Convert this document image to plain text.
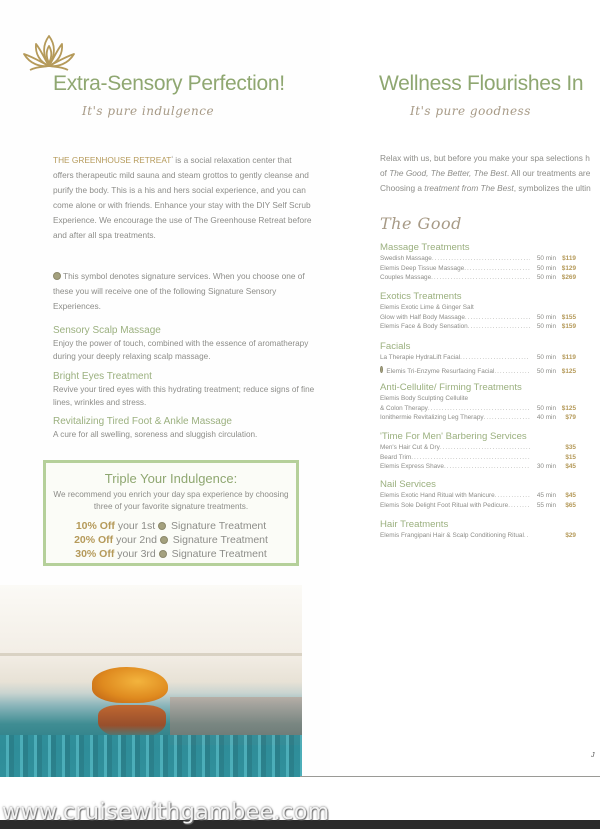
Extra-Sensory Perfection!
It's pure indulgence
THE GREENHOUSE $RETREAT^{^1}$ is a social relaxation center that offers therapeutic mild sauna and steam grottos to gently cleanse and purify the body. This is a his and hers social experience, and you can come alone or with friends. Enhance your stay with the DIY Self Scrub Experience. We encourage the use of The Greenhouse Retreat before and after all spa treatments.
This symbol denotes signature services. When you choose one of these you will receive one of the following Signature Sensory Experiences.
Sensory Scalp Massage
Enjoy the power of touch, combined with the essence of aromatherapy during your deeply relaxing scalp massage.
Bright Eyes Treatment
Revive your tired eyes with this hydrating treatment; reduce signs of fine lines, wrinkles and stress.
Revitalizing Tired Foot & Ankle Massage
A cure for all swelling, soreness and sluggish circulation.
Triple Your Indulgence:
We recommend you enrich your day spa experience by choosing three of your favorite signature treatments.
10% Off your 1st  Signature Treatment
20% Off your 2nd  Signature Treatment
30% Off your 3rd  Signature Treatment
Wellness Flourishes In
It's pure goodness
Relax with us, but before you make your spa selections h
of The Good, The Better, The Best. All our treatments are
Choosing a treatment from The Best, symbolizes the ultin
The Good
Massage Treatments
Swedish Massage .....	50 min $119
Elemis Deep Tissue Massage .....	50 min $129
Couples Massage .....	50 min $269
Exotics Treatments
Elemis Exotic Lime & Ginger Salt
Glow with Half Body Massage .....	50 min $155
Elemis Face & Body Sensation .....	50 min $159
Facials
La Therapie HydraLift Facial .....	50 min $119

Elemis Tri-Enzyme Resurfacing Facial .....	50 min $125
Anti-Cellulite/ Firming Treatments
Elemis Body Sculpting Cellulite
& Colon Therapy .....	50 min $125
Ionithermie Revitalizing Leg Therapy .....	40 min	$79
'Time For Men' Barbering Services
Men's Hair Cut & Dry .....	$35
Beard Trim .....	$15
Elemis Express Shave .....	30 min	$45
Nail Services
Elemis Exotic Hand Ritual with Manicure .....	45 min	$45
Elemis Sole Delight Foot Ritual with Pedicure .....	55 min	$65
Hair Treatments
Elemis Frangipani Hair & Scalp Conditioning Ritual .....	$29
J
www.cruisewithgambee.com
